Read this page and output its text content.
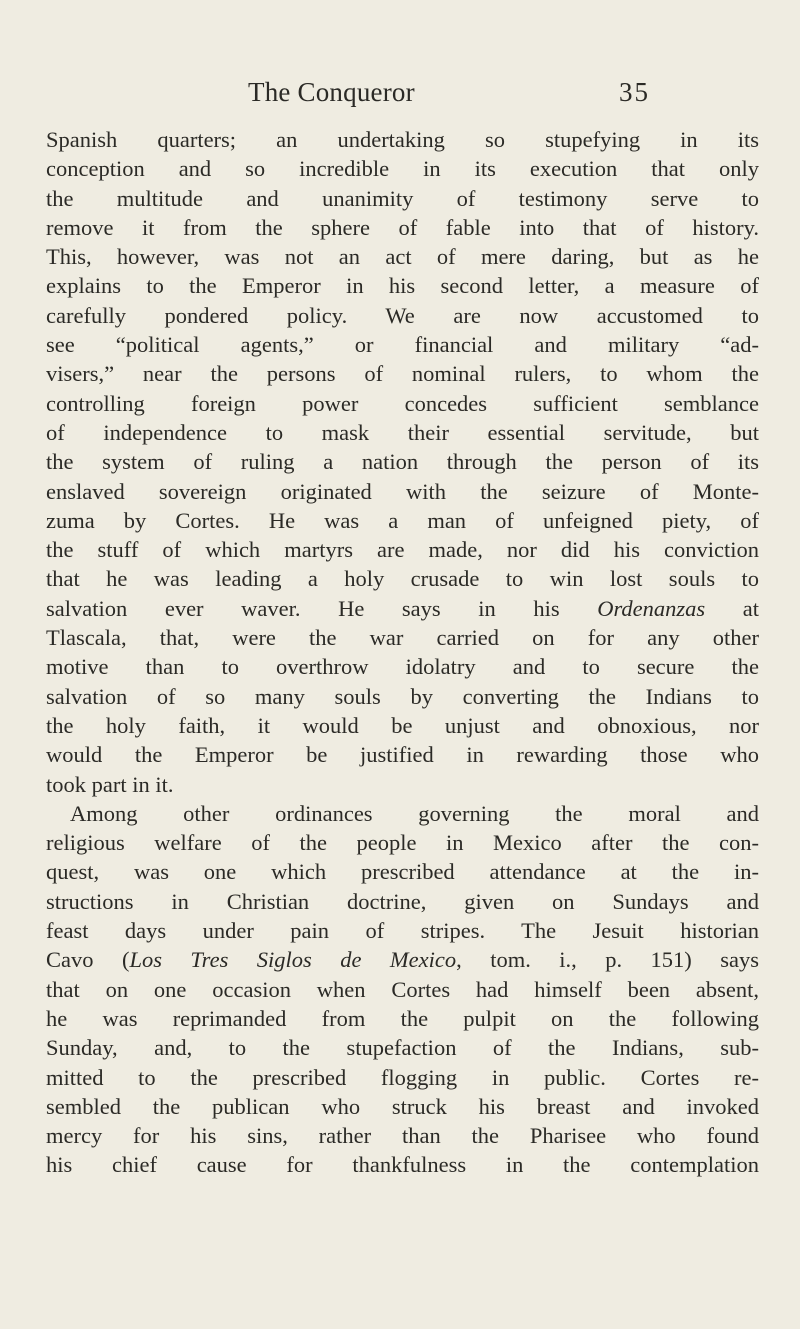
The Conqueror	35
Spanish quarters; an undertaking so stupefying in its
conception and so incredible in its execution that only
the multitude and unanimity of testimony serve to
remove it from the sphere of fable into that of history.
This, however, was not an act of mere daring, but as he
explains to the Emperor in his second letter, a measure of
carefully pondered policy. We are now accustomed to
see “political agents,” or financial and military “ad-
visers,” near the persons of nominal rulers, to whom the
controlling foreign power concedes sufficient semblance
of independence to mask their essential servitude, but
the system of ruling a nation through the person of its
enslaved sovereign originated with the seizure of Monte-
zuma by Cortes. He was a man of unfeigned piety, of
the stuff of which martyrs are made, nor did his conviction
that he was leading a holy crusade to win lost souls to
salvation ever waver. He says in his Ordenanzas at
Tlascala, that, were the war carried on for any other
motive than to overthrow idolatry and to secure the
salvation of so many souls by converting the Indians to
the holy faith, it would be unjust and obnoxious, nor
would the Emperor be justified in rewarding those who
took part in it.
Among other ordinances governing the moral and
religious welfare of the people in Mexico after the con-
quest, was one which prescribed attendance at the in-
structions in Christian doctrine, given on Sundays and
feast days under pain of stripes. The Jesuit historian
Cavo (Los Tres Siglos de Mexico, tom. i., p. 151) says
that on one occasion when Cortes had himself been absent,
he was reprimanded from the pulpit on the following
Sunday, and, to the stupefaction of the Indians, sub-
mitted to the prescribed flogging in public. Cortes re-
sembled the publican who struck his breast and invoked
mercy for his sins, rather than the Pharisee who found
his chief cause for thankfulness in the contemplation
